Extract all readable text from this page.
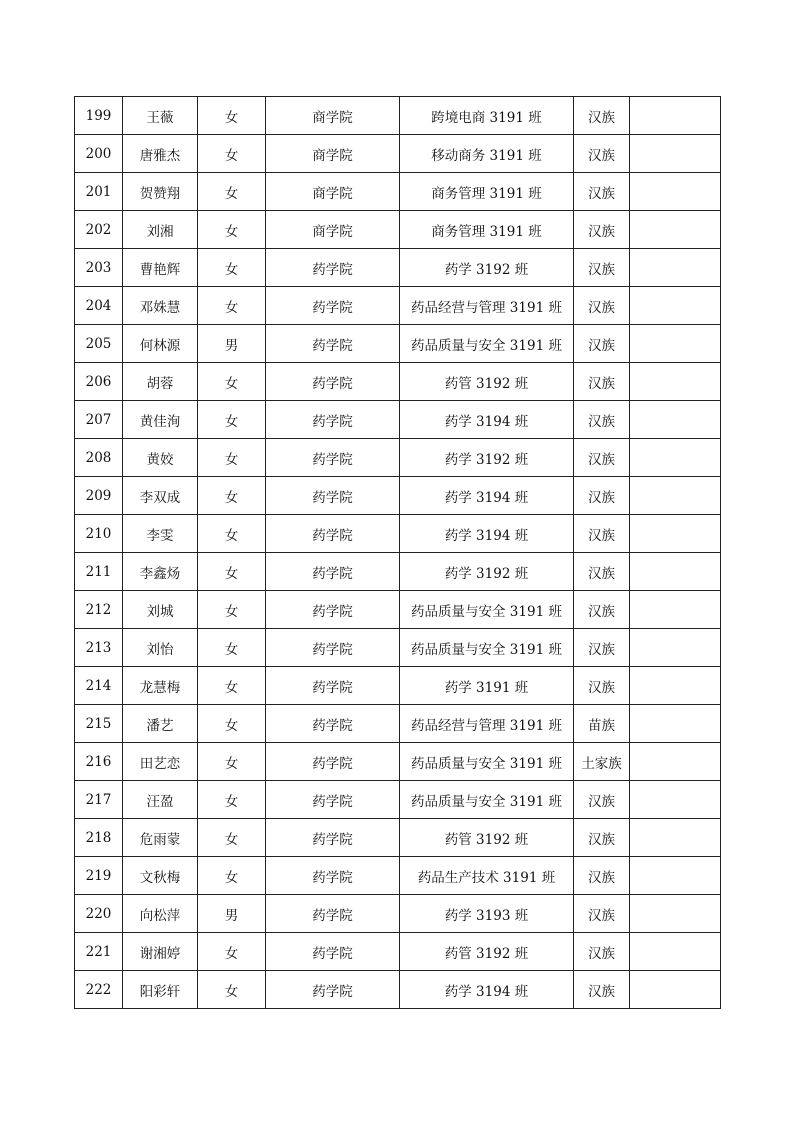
199	王薇	女	商学院	跨境电商 3191 班	汉族	
200	唐雅杰	女	商学院	移动商务 3191 班	汉族	
201	贺赞翔	女	商学院	商务管理 3191 班	汉族	
202	刘湘	女	商学院	商务管理 3191 班	汉族	
203	曹艳辉	女	药学院	药学 3192 班	汉族	
204	邓姝慧	女	药学院	药品经营与管理 3191 班	汉族	
205	何林源	男	药学院	药品质量与安全 3191 班	汉族	
206	胡蓉	女	药学院	药管 3192 班	汉族	
207	黄佳洵	女	药学院	药学 3194 班	汉族	
208	黄姣	女	药学院	药学 3192 班	汉族	
209	李双成	女	药学院	药学 3194 班	汉族	
210	李雯	女	药学院	药学 3194 班	汉族	
211	李鑫炀	女	药学院	药学 3192 班	汉族	
212	刘城	女	药学院	药品质量与安全 3191 班	汉族	
213	刘怡	女	药学院	药品质量与安全 3191 班	汉族	
214	龙慧梅	女	药学院	药学 3191 班	汉族	
215	潘艺	女	药学院	药品经营与管理 3191 班	苗族	
216	田艺恋	女	药学院	药品质量与安全 3191 班	土家族	
217	汪盈	女	药学院	药品质量与安全 3191 班	汉族	
218	危雨蒙	女	药学院	药管 3192 班	汉族	
219	文秋梅	女	药学院	药品生产技术 3191 班	汉族	
220	向松萍	男	药学院	药学 3193 班	汉族	
221	谢湘婷	女	药学院	药管 3192 班	汉族	
222	阳彩轩	女	药学院	药学 3194 班	汉族	
